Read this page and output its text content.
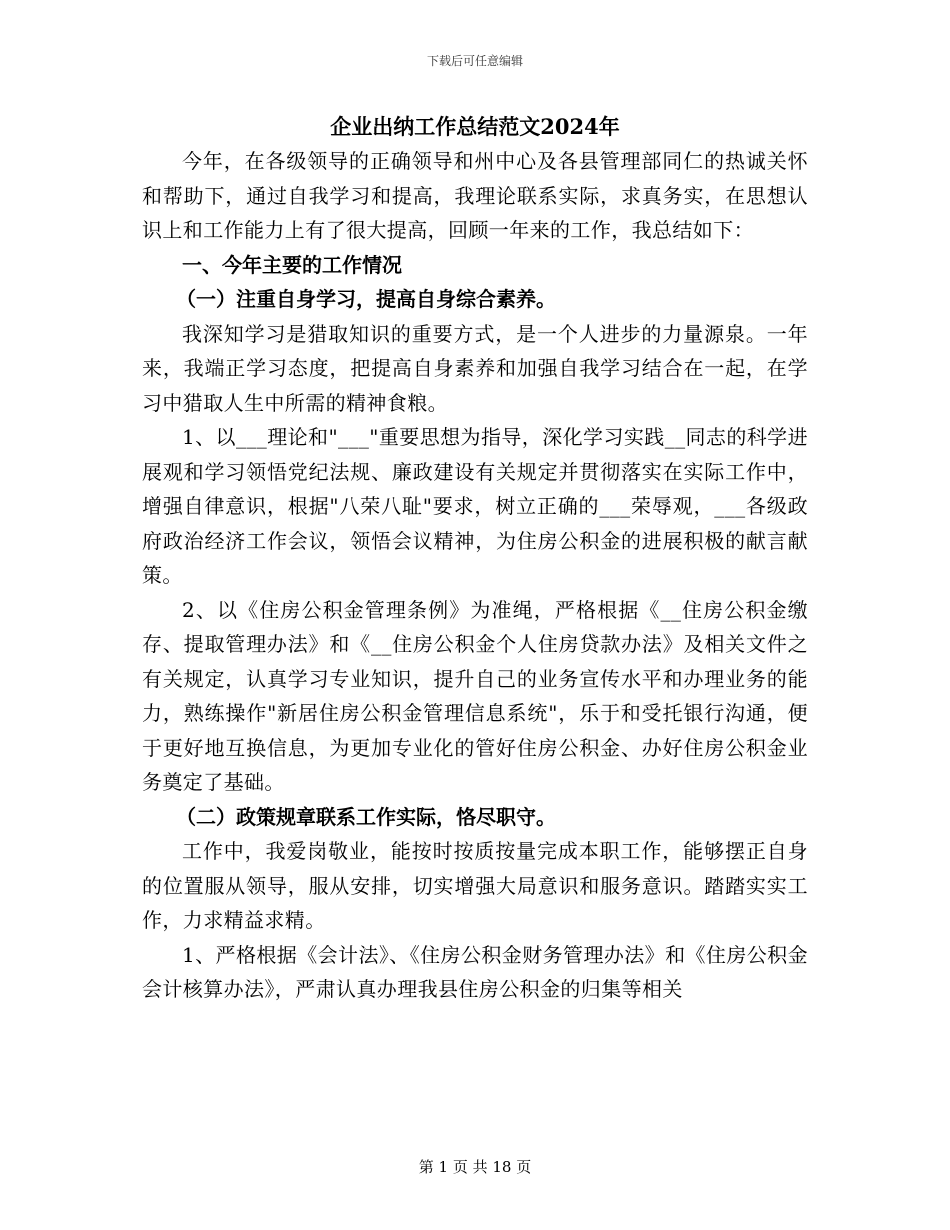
下载后可任意编辑

企业出纳工作总结范文2024年

今年，在各级领导的正确领导和州中心及各县管理部同仁的热诚关怀和帮助下，通过自我学习和提高，我理论联系实际，求真务实，在思想认识上和工作能力上有了很大提高，回顾一年来的工作，我总结如下：

一、今年主要的工作情况

（一）注重自身学习，提高自身综合素养。

我深知学习是猎取知识的重要方式，是一个人进步的力量源泉。一年来，我端正学习态度，把提高自身素养和加强自我学习结合在一起，在学习中猎取人生中所需的精神食粮。

1、以___理论和"___"重要思想为指导，深化学习实践__同志的科学进展观和学习领悟党纪法规、廉政建设有关规定并贯彻落实在实际工作中，增强自律意识，根据"八荣八耻"要求，树立正确的___荣辱观，___各级政府政治经济工作会议，领悟会议精神，为住房公积金的进展积极的献言献策。

2、以《住房公积金管理条例》为准绳，严格根据《__住房公积金缴存、提取管理办法》和《__住房公积金个人住房贷款办法》及相关文件之有关规定，认真学习专业知识，提升自己的业务宣传水平和办理业务的能力，熟练操作"新居住房公积金管理信息系统"，乐于和受托银行沟通，便于更好地互换信息，为更加专业化的管好住房公积金、办好住房公积金业务奠定了基础。

（二）政策规章联系工作实际，恪尽职守。

工作中，我爱岗敬业，能按时按质按量完成本职工作，能够摆正自身的位置服从领导，服从安排，切实增强大局意识和服务意识。踏踏实实工作，力求精益求精。

1、严格根据《会计法》、《住房公积金财务管理办法》和《住房公积金会计核算办法》，严肃认真办理我县住房公积金的归集等相关

第 1 页 共 18 页
